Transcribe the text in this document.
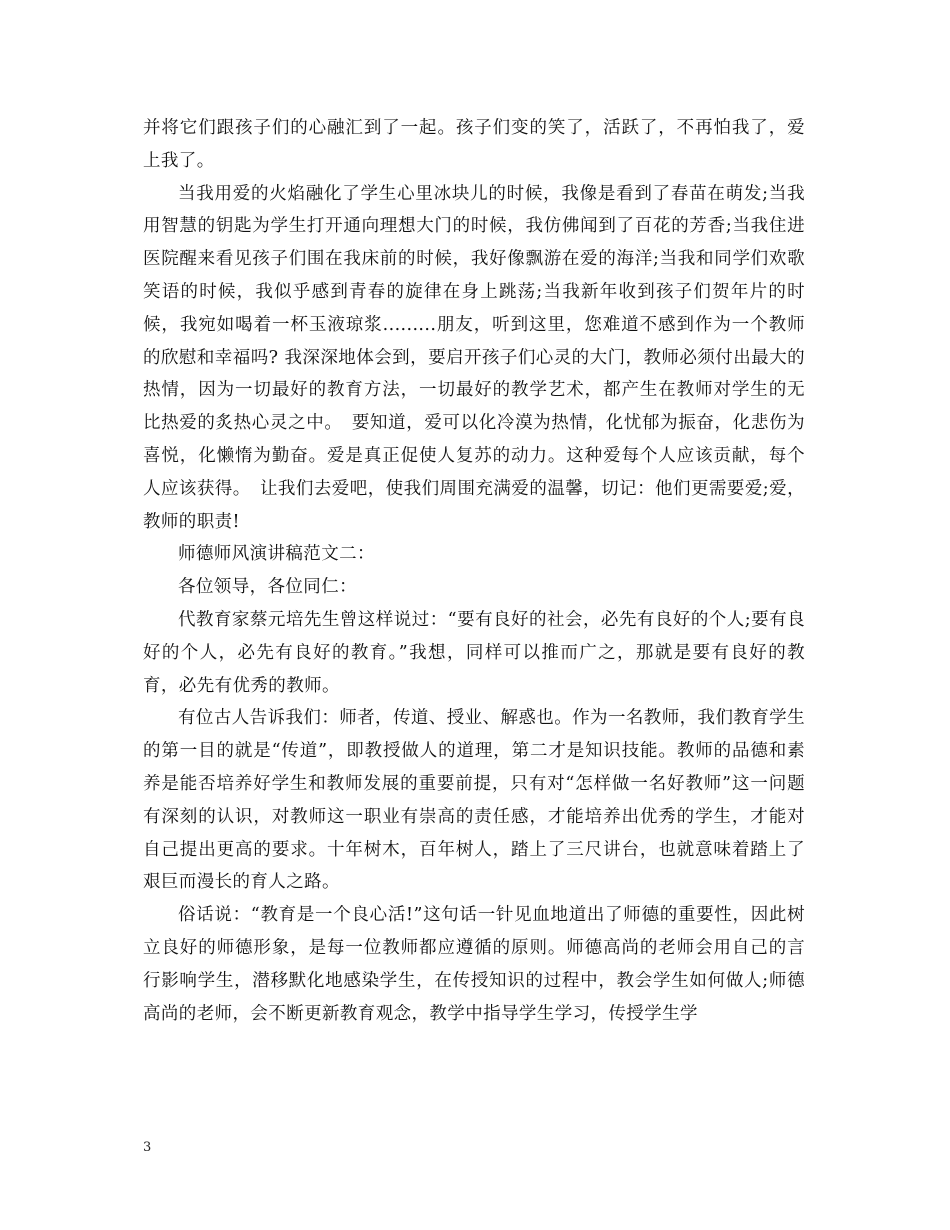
并将它们跟孩子们的心融汇到了一起。孩子们变的笑了，活跃了，不再怕我了，爱上我了。

当我用爱的火焰融化了学生心里冰块儿的时候，我像是看到了春苗在萌发;当我用智慧的钥匙为学生打开通向理想大门的时候，我仿佛闻到了百花的芳香;当我住进医院醒来看见孩子们围在我床前的时候，我好像飘游在爱的海洋;当我和同学们欢歌笑语的时候，我似乎感到青春的旋律在身上跳荡;当我新年收到孩子们贺年片的时候，我宛如喝着一杯玉液琼浆.........朋友，听到这里，您难道不感到作为一个教师的欣慰和幸福吗? 我深深地体会到，要启开孩子们心灵的大门，教师必须付出最大的热情，因为一切最好的教育方法，一切最好的教学艺术，都产生在教师对学生的无比热爱的炙热心灵之中。　要知道，爱可以化冷漠为热情，化忧郁为振奋，化悲伤为喜悦，化懒惰为勤奋。爱是真正促使人复苏的动力。这种爱每个人应该贡献，每个人应该获得。　让我们去爱吧，使我们周围充满爱的温馨，切记：他们更需要爱;爱，教师的职责!

师德师风演讲稿范文二：

各位领导，各位同仁：

代教育家蔡元培先生曾这样说过：“要有良好的社会，必先有良好的个人;要有良好的个人，必先有良好的教育。”我想，同样可以推而广之，那就是要有良好的教育，必先有优秀的教师。

有位古人告诉我们：师者，传道、授业、解惑也。作为一名教师，我们教育学生的第一目的就是“传道”，即教授做人的道理，第二才是知识技能。教师的品德和素养是能否培养好学生和教师发展的重要前提，只有对“怎样做一名好教师”这一问题有深刻的认识，对教师这一职业有崇高的责任感，才能培养出优秀的学生，才能对自己提出更高的要求。十年树木，百年树人，踏上了三尺讲台，也就意味着踏上了艰巨而漫长的育人之路。

俗话说：“教育是一个良心活!”这句话一针见血地道出了师德的重要性，因此树立良好的师德形象，是每一位教师都应遵循的原则。师德高尚的老师会用自己的言行影响学生，潜移默化地感染学生，在传授知识的过程中，教会学生如何做人;师德高尚的老师，会不断更新教育观念，教学中指导学生学习，传授学生学

3
